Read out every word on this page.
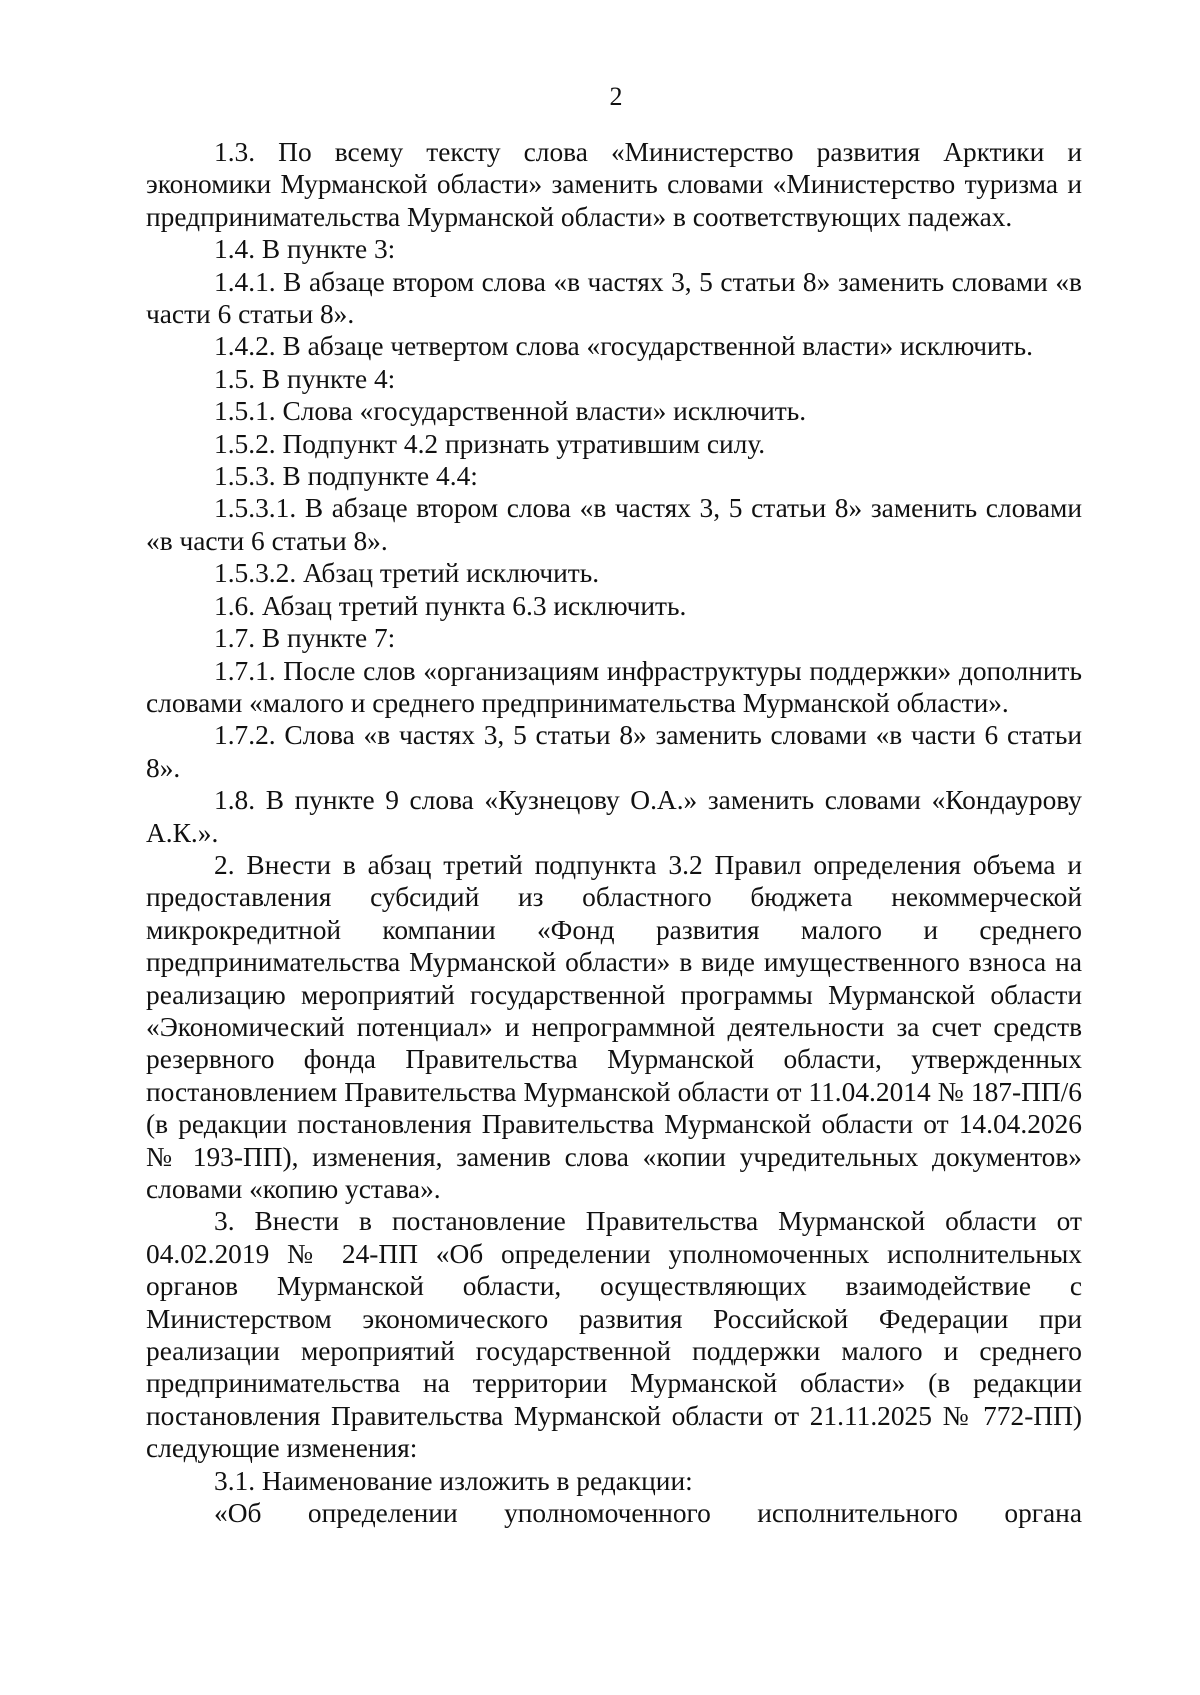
2

1.3. По всему тексту слова «Министерство развития Арктики и экономики Мурманской области» заменить словами «Министерство туризма и предпринимательства Мурманской области» в соответствующих падежах.

1.4. В пункте 3:

1.4.1. В абзаце втором слова «в частях 3, 5 статьи 8» заменить словами «в части 6 статьи 8».

1.4.2. В абзаце четвертом слова «государственной власти» исключить.

1.5. В пункте 4:

1.5.1. Слова «государственной власти» исключить.

1.5.2. Подпункт 4.2 признать утратившим силу.

1.5.3. В подпункте 4.4:

1.5.3.1. В абзаце втором слова «в частях 3, 5 статьи 8» заменить словами «в части 6 статьи 8».

1.5.3.2. Абзац третий исключить.

1.6. Абзац третий пункта 6.3 исключить.

1.7. В пункте 7:

1.7.1. После слов «организациям инфраструктуры поддержки» дополнить словами «малого и среднего предпринимательства Мурманской области».

1.7.2. Слова «в частях 3, 5 статьи 8» заменить словами «в части 6 статьи 8».

1.8. В пункте 9 слова «Кузнецову О.А.» заменить словами «Кондаурову А.К.».

2. Внести в абзац третий подпункта 3.2 Правил определения объема и предоставления субсидий из областного бюджета некоммерческой микрокредитной компании «Фонд развития малого и среднего предпринимательства Мурманской области» в виде имущественного взноса на реализацию мероприятий государственной программы Мурманской области «Экономический потенциал» и непрограммной деятельности за счет средств резервного фонда Правительства Мурманской области, утвержденных постановлением Правительства Мурманской области от 11.04.2014 № 187-ПП/6 (в редакции постановления Правительства Мурманской области от 14.04.2026 № 193-ПП), изменения, заменив слова «копии учредительных документов» словами «копию устава».

3. Внести в постановление Правительства Мурманской области от 04.02.2019 № 24-ПП «Об определении уполномоченных исполнительных органов Мурманской области, осуществляющих взаимодействие с Министерством экономического развития Российской Федерации при реализации мероприятий государственной поддержки малого и среднего предпринимательства на территории Мурманской области» (в редакции постановления Правительства Мурманской области от 21.11.2025 № 772-ПП) следующие изменения:

3.1. Наименование изложить в редакции:

«Об определении уполномоченного исполнительного органа
